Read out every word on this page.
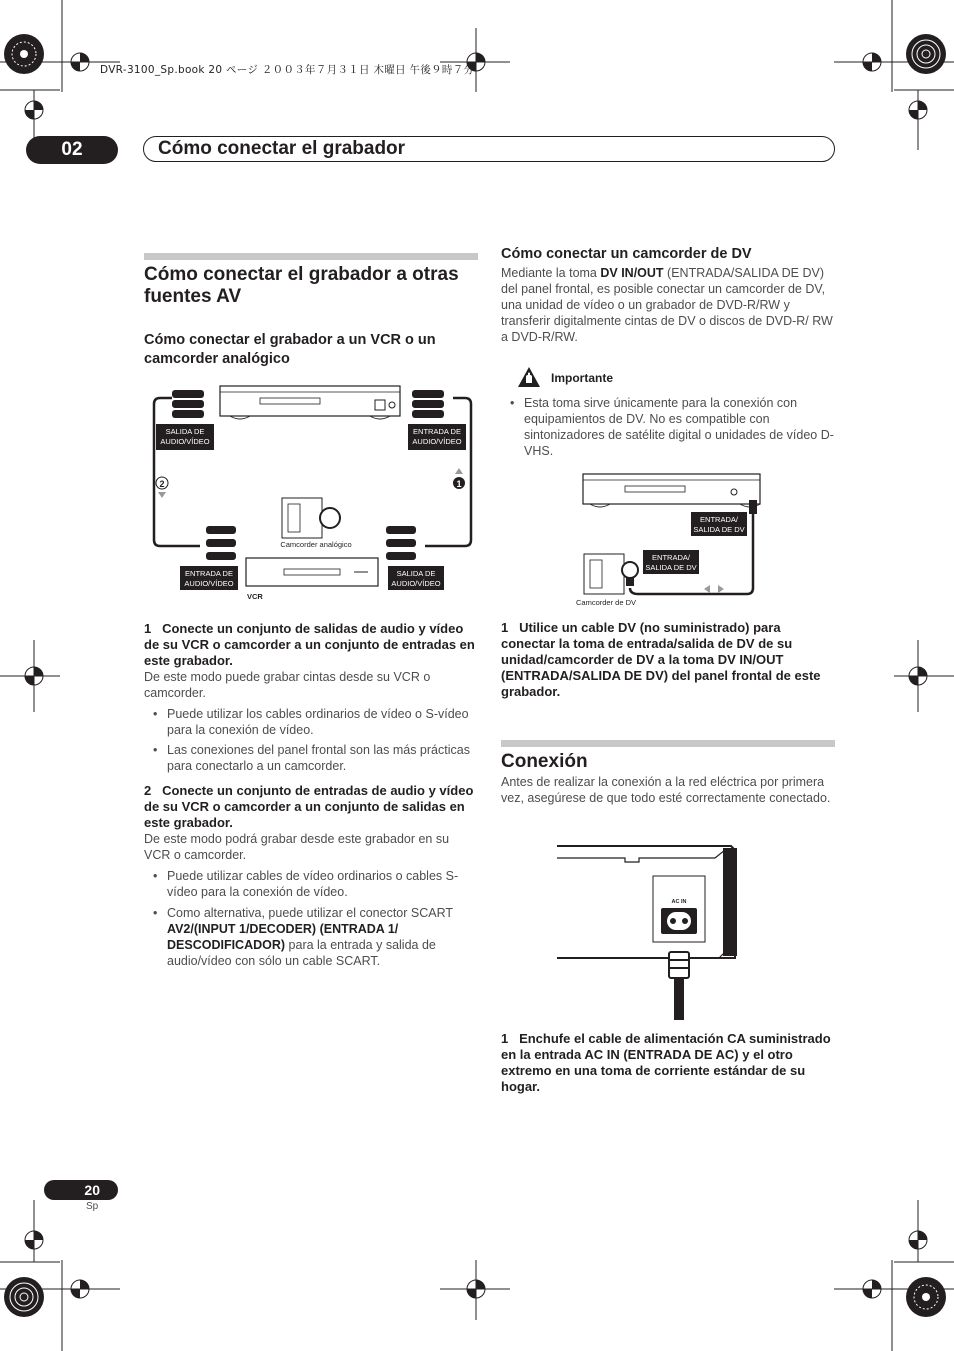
DVR-3100_Sp.book 20 ページ ２００３年７月３１日 木曜日 午後９時７分
02	Cómo conectar el grabador
Cómo conectar el grabador a otras fuentes AV
Cómo conectar el grabador a un VCR o un camcorder analógico
SALIDA DE
AUDIO/VÍDEO
ENTRADA DE
AUDIO/VÍDEO
ENTRADA DE
AUDIO/VÍDEO
SALIDA DE
AUDIO/VÍDEO
Camcorder analógico
VCR
2	1
1   Conecte un conjunto de salidas de audio y vídeo de su VCR o camcorder a un conjunto de entradas en este grabador.
De este modo puede grabar cintas desde su VCR o camcorder.
• Puede utilizar los cables ordinarios de vídeo o S-vídeo para la conexión de vídeo.
• Las conexiones del panel frontal son las más prácticas para conectarlo a un camcorder.
2   Conecte un conjunto de entradas de audio y vídeo de su VCR o camcorder a un conjunto de salidas en este grabador.
De este modo podrá grabar desde este grabador en su VCR o camcorder.
• Puede utilizar cables de vídeo ordinarios o cables S-vídeo para la conexión de vídeo.
• Como alternativa, puede utilizar el conector SCART AV2/(INPUT 1/DECODER) (ENTRADA 1/ DESCODIFICADOR) para la entrada y salida de audio/vídeo con sólo un cable SCART.
Cómo conectar un camcorder de DV
Mediante la toma DV IN/OUT (ENTRADA/SALIDA DE DV) del panel frontal, es posible conectar un camcorder de DV, una unidad de vídeo o un grabador de DVD-R/RW y transferir digitalmente cintas de DV o discos de DVD-R/ RW a DVD-R/RW.
Importante
• Esta toma sirve únicamente para la conexión con equipamientos de DV. No es compatible con sintonizadores de satélite digital o unidades de vídeo D-VHS.
ENTRADA/
SALIDA DE DV
ENTRADA/
SALIDA DE DV
Camcorder de DV
1   Utilice un cable DV (no suministrado) para conectar la toma de entrada/salida de DV de su unidad/camcorder de DV a la toma DV IN/OUT (ENTRADA/SALIDA DE DV) del panel frontal de este grabador.
Conexión
Antes de realizar la conexión a la red eléctrica por primera vez, asegúrese de que todo esté correctamente conectado.
AC IN
1   Enchufe el cable de alimentación CA suministrado en la entrada AC IN (ENTRADA DE AC) y el otro extremo en una toma de corriente estándar de su hogar.
20
Sp
